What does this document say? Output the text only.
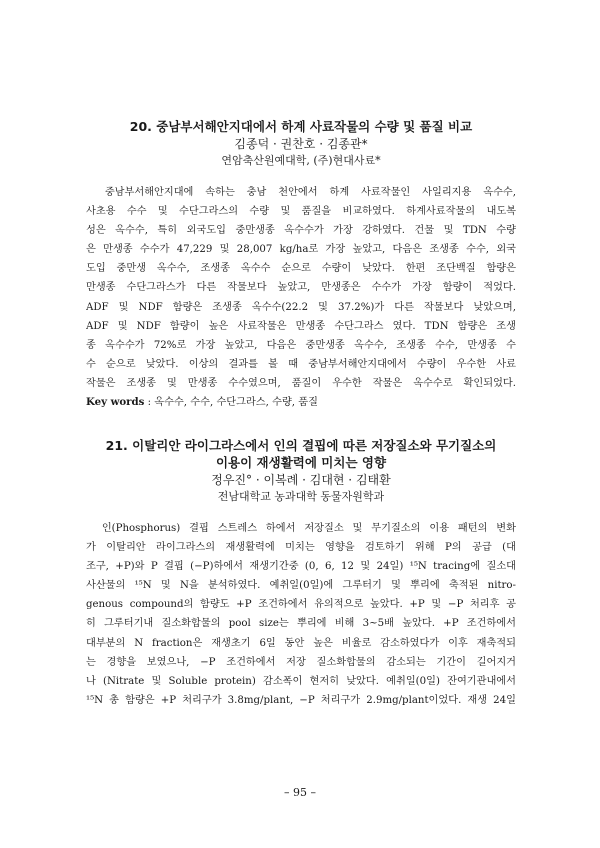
20. 중남부서해안지대에서 하계 사료작물의 수량 및 품질 비교
김종덕 · 권찬호 · 김종관*
연암축산원예대학, (주)현대사료*
　중남부서해안지대에 속하는 충남 천안에서 하계 사료작물인 사일리지용 옥수수,
사초용 수수 및 수단그라스의 수량 및 품질을 비교하였다. 하계사료작물의 내도복
성은 옥수수, 특히 외국도입 중만생종 옥수수가 가장 강하였다. 건물 및 TDN 수량
은 만생종 수수가 47,229 및 28,007 kg/ha로 가장 높았고, 다음은 조생종 수수, 외국
도입 중만생 옥수수, 조생종 옥수수 순으로 수량이 낮았다. 한편 조단백질 함량은
만생종 수단그라스가 다른 작물보다 높았고, 만생종은 수수가 가장 함량이 적었다.
ADF 및 NDF 함량은 조생종 옥수수(22.2 및 37.2%)가 다른 작물보다 낮았으며,
ADF 및 NDF 함량이 높은 사료작물은 만생종 수단그라스 였다. TDN 함량은 조생
종 옥수수가 72%로 가장 높았고, 다음은 중만생종 옥수수, 조생종 수수, 만생종 수
수 순으로 낮았다. 이상의 결과를 볼 때 중남부서해안지대에서 수량이 우수한 사료
작물은 조생종 및 만생종 수수였으며, 품질이 우수한 작물은 옥수수로 확인되었다.
Key words : 옥수수, 수수, 수단그라스, 수량, 품질
21. 이탈리안 라이그라스에서 인의 결핍에 따른 저장질소와 무기질소의
이용이 재생활력에 미치는 영향
정우진° · 이복례 · 김대현 · 김태환
전남대학교 농과대학 동물자원학과
　인(Phosphorus) 결핍 스트레스 하에서 저장질소 및 무기질소의 이용 패턴의 변화
가 이탈리안 라이그라스의 재생활력에 미치는 영향을 검토하기 위해 P의 공급 (대
조구, +P)와 P 결핍 (−P)하에서 재생기간중 (0, 6, 12 및 24일) ¹⁵N tracing에 질소대
사산물의 ¹⁵N 및 N을 분석하였다. 예취일(0일)에 그루터기 및 뿌리에 축적된 nitro-
genous compound의 함량도 +P 조건하에서 유의적으로 높았다. +P 및 −P 처리후 공
히 그루터기내 질소화합물의 pool size는 뿌리에 비해 3~5배 높았다. +P 조건하에서
대부분의 N fraction은 재생초기 6일 동안 높은 비율로 감소하였다가 이후 재축적되
는 경향을 보였으나, −P 조건하에서 저장 질소화합물의 감소되는 기간이 길어지거
나 (Nitrate 및 Soluble protein) 감소폭이 현저히 낮았다. 예취일(0일) 잔여기관내에서
¹⁵N 총 함량은 +P 처리구가 3.8mg/plant, −P 처리구가 2.9mg/plant이었다. 재생 24일
– 95 –
